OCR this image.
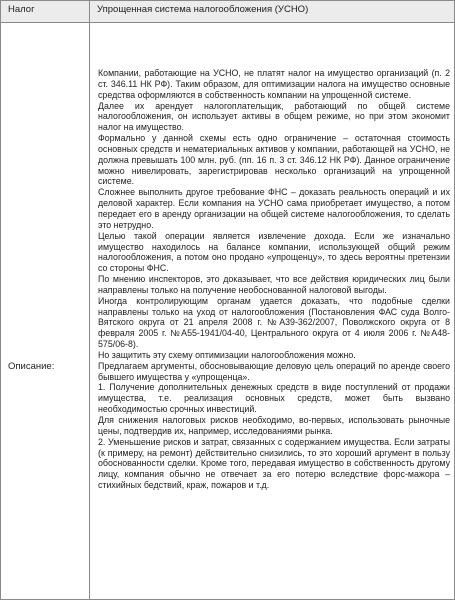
Налог	Упрощенная система налогообложения (УСНО)
Описание:

Компании, работающие на УСНО, не платят налог на имущество организаций (п. 2 ст. 346.11 НК РФ). Таким образом, для оптимизации налога на имущество основные средства оформляются в собственность компании на упрощенной системе.

Далее их арендует налогоплательщик, работающий по общей системе налогообложения, он использует активы в общем режиме, но при этом экономит налог на имущество.

Формально у данной схемы есть одно ограничение – остаточная стоимость основных средств и нематериальных активов у компании, работающей на УСНО, не должна превышать 100 млн. руб. (пп. 16 п. 3 ст. 346.12 НК РФ). Данное ограничение можно нивелировать, зарегистрировав несколько организаций на упрощенной системе.

Сложнее выполнить другое требование ФНС – доказать реальность операций и их деловой характер. Если компания на УСНО сама приобретает имущество, а потом передает его в аренду организации на общей системе налогообложения, то сделать это нетрудно.

Целью такой операции является извлечение дохода. Если же изначально имущество находилось на балансе компании, использующей общий режим налогообложения, а потом оно продано «упрощенцу», то здесь вероятны претензии со стороны ФНС.

По мнению инспекторов, это доказывает, что все действия юридических лиц были направлены только на получение необоснованной налоговой выгоды.

Иногда контролирующим органам удается доказать, что подобные сделки направлены только на уход от налогообложения (Постановления ФАС суда Волго-Вятского округа от 21 апреля 2008 г. №А39-362/2007, Поволжского округа от 8 февраля 2005 г. №А55-1941/04-40, Центрального округа от 4 июля 2006 г. №А48-575/06-8).

Но защитить эту схему оптимизации налогообложения можно.

Предлагаем аргументы, обосновывающие деловую цель операций по аренде своего бывшего имущества у «упрощенца».

1. Получение дополнительных денежных средств в виде поступлений от продажи имущества, т.е. реализация основных средств, может быть вызвано необходимостью срочных инвестиций.

Для снижения налоговых рисков необходимо, во-первых, использовать рыночные цены, подтвердив их, например, исследованиями рынка.

2. Уменьшение рисков и затрат, связанных с содержанием имущества. Если затраты (к примеру, на ремонт) действительно снизились, то это хороший аргумент в пользу обоснованности сделки. Кроме того, передавая имущество в собственность другому лицу, компания обычно не отвечает за его потерю вследствие форс-мажора – стихийных бедствий, краж, пожаров и т.д.
